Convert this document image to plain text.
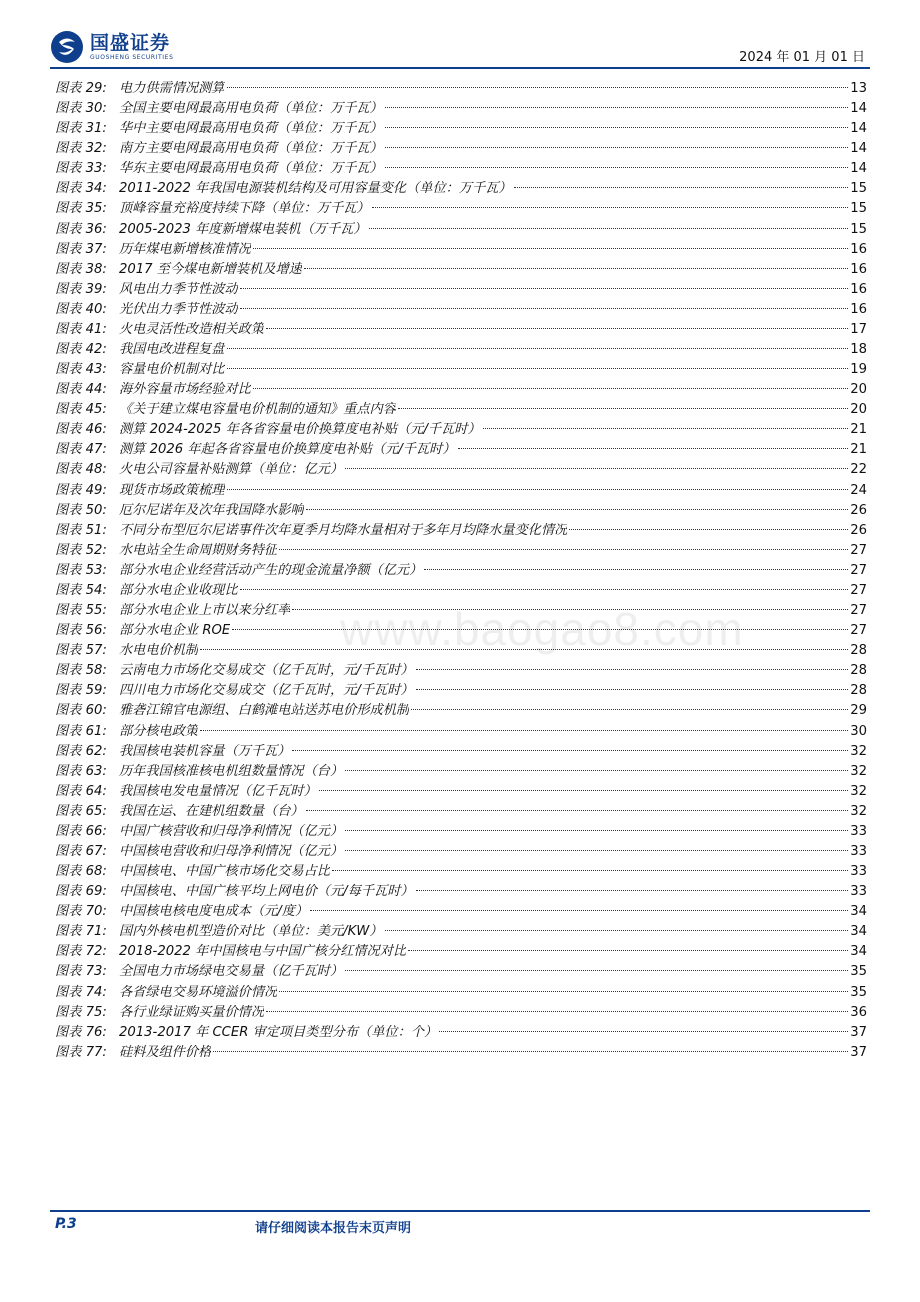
国盛证券
GUOSHENG SECURITIES	2024 年 01 月 01 日
图表 29: 电力供需情况测算	13
图表 30: 全国主要电网最高用电负荷（单位：万千瓦）	14
图表 31: 华中主要电网最高用电负荷（单位：万千瓦）	14
图表 32: 南方主要电网最高用电负荷（单位：万千瓦）	14
图表 33: 华东主要电网最高用电负荷（单位：万千瓦）	14
图表 34: 2011-2022 年我国电源装机结构及可用容量变化（单位：万千瓦）	15
图表 35: 顶峰容量充裕度持续下降（单位：万千瓦）	15
图表 36: 2005-2023 年度新增煤电装机（万千瓦）	15
图表 37: 历年煤电新增核准情况	16
图表 38: 2017 至今煤电新增装机及增速	16
图表 39: 风电出力季节性波动	16
图表 40: 光伏出力季节性波动	16
图表 41: 火电灵活性改造相关政策	17
图表 42: 我国电改进程复盘	18
图表 43: 容量电价机制对比	19
图表 44: 海外容量市场经验对比	20
图表 45: 《关于建立煤电容量电价机制的通知》重点内容	20
图表 46: 测算 2024-2025 年各省容量电价换算度电补贴（元/千瓦时）	21
图表 47: 测算 2026 年起各省容量电价换算度电补贴（元/千瓦时）	21
图表 48: 火电公司容量补贴测算（单位：亿元）	22
图表 49: 现货市场政策梳理	24
图表 50: 厄尔尼诺年及次年我国降水影响	26
图表 51: 不同分布型厄尔尼诺事件次年夏季月均降水量相对于多年月均降水量变化情况	26
图表 52: 水电站全生命周期财务特征	27
图表 53: 部分水电企业经营活动产生的现金流量净额（亿元）	27
图表 54: 部分水电企业收现比	27
图表 55: 部分水电企业上市以来分红率	27
图表 56: 部分水电企业 ROE	27
图表 57: 水电电价机制	28
图表 58: 云南电力市场化交易成交（亿千瓦时，元/千瓦时）	28
图表 59: 四川电力市场化交易成交（亿千瓦时，元/千瓦时）	28
图表 60: 雅砻江锦官电源组、白鹤滩电站送苏电价形成机制	29
图表 61: 部分核电政策	30
图表 62: 我国核电装机容量（万千瓦）	32
图表 63: 历年我国核准核电机组数量情况（台）	32
图表 64: 我国核电发电量情况（亿千瓦时）	32
图表 65: 我国在运、在建机组数量（台）	32
图表 66: 中国广核营收和归母净利情况（亿元）	33
图表 67: 中国核电营收和归母净利情况（亿元）	33
图表 68: 中国核电、中国广核市场化交易占比	33
图表 69: 中国核电、中国广核平均上网电价（元/每千瓦时）	33
图表 70: 中国核电核电度电成本（元/度）	34
图表 71: 国内外核电机型造价对比（单位：美元/KW）	34
图表 72: 2018-2022 年中国核电与中国广核分红情况对比	34
图表 73: 全国电力市场绿电交易量（亿千瓦时）	35
图表 74: 各省绿电交易环境溢价情况	35
图表 75: 各行业绿证购买量价情况	36
图表 76: 2013-2017 年 CCER 审定项目类型分布（单位：个）	37
图表 77: 硅料及组件价格	37
www.baogao8.com
P.3	请仔细阅读本报告末页声明
